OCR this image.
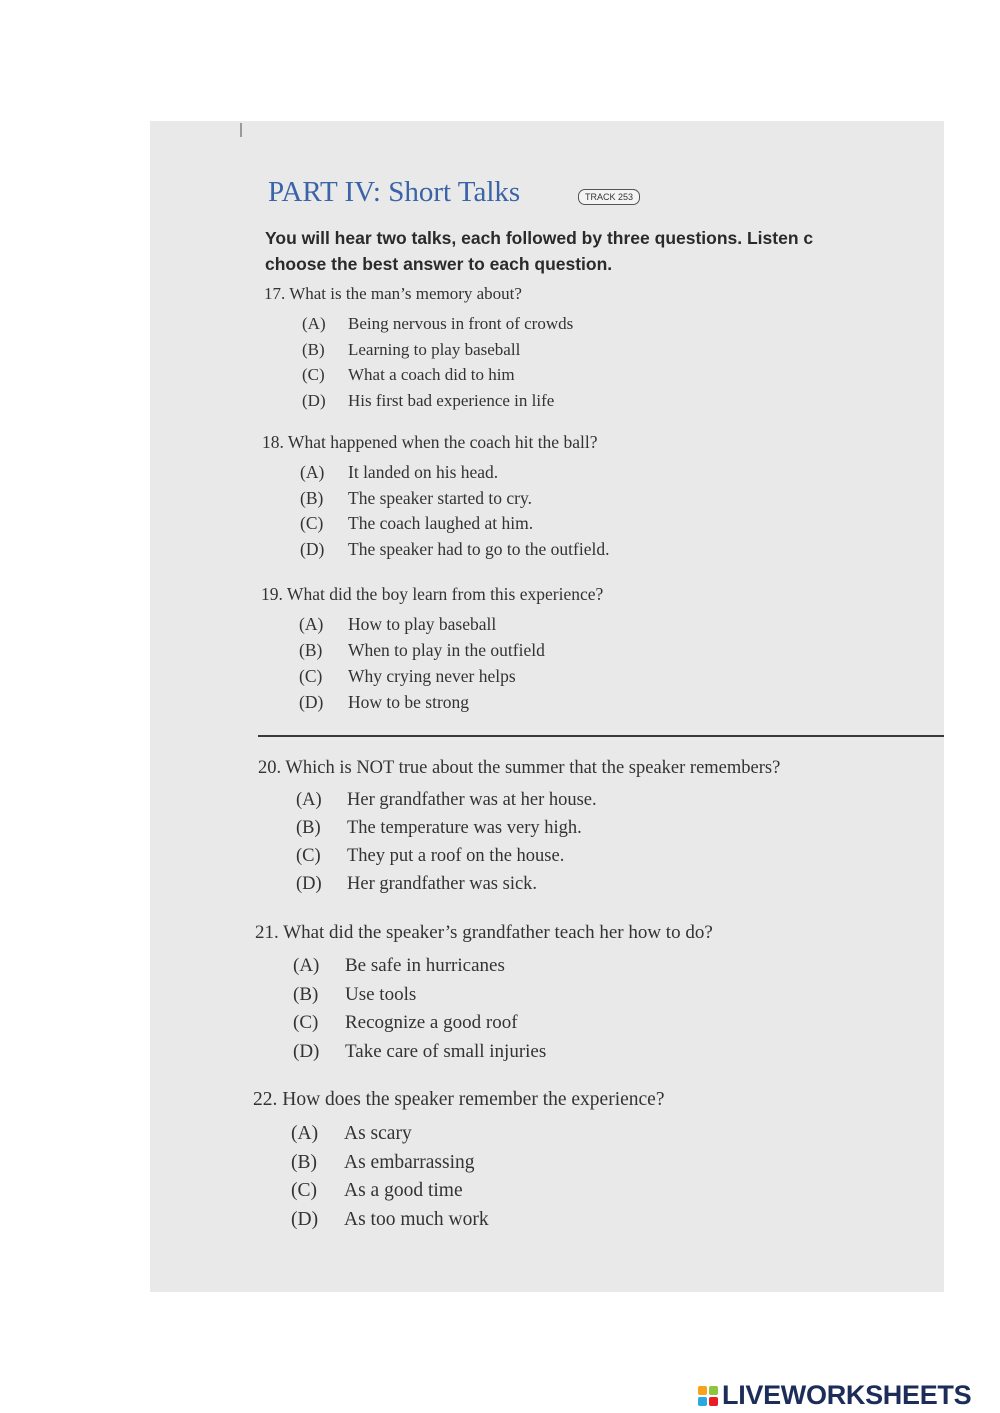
PART IV: Short Talks	TRACK 253
You will hear two talks, each followed by three questions. Listen c
choose the best answer to each question.
17. What is the man’s memory about?
(A) Being nervous in front of crowds
(B) Learning to play baseball
(C) What a coach did to him
(D) His first bad experience in life
18. What happened when the coach hit the ball?
(A) It landed on his head.
(B) The speaker started to cry.
(C) The coach laughed at him.
(D) The speaker had to go to the outfield.
19. What did the boy learn from this experience?
(A) How to play baseball
(B) When to play in the outfield
(C) Why crying never helps
(D) How to be strong
20. Which is NOT true about the summer that the speaker remembers?
(A) Her grandfather was at her house.
(B) The temperature was very high.
(C) They put a roof on the house.
(D) Her grandfather was sick.
21. What did the speaker’s grandfather teach her how to do?
(A) Be safe in hurricanes
(B) Use tools
(C) Recognize a good roof
(D) Take care of small injuries
22. How does the speaker remember the experience?
(A) As scary
(B) As embarrassing
(C) As a good time
(D) As too much work
LIVEWORKSHEETS
